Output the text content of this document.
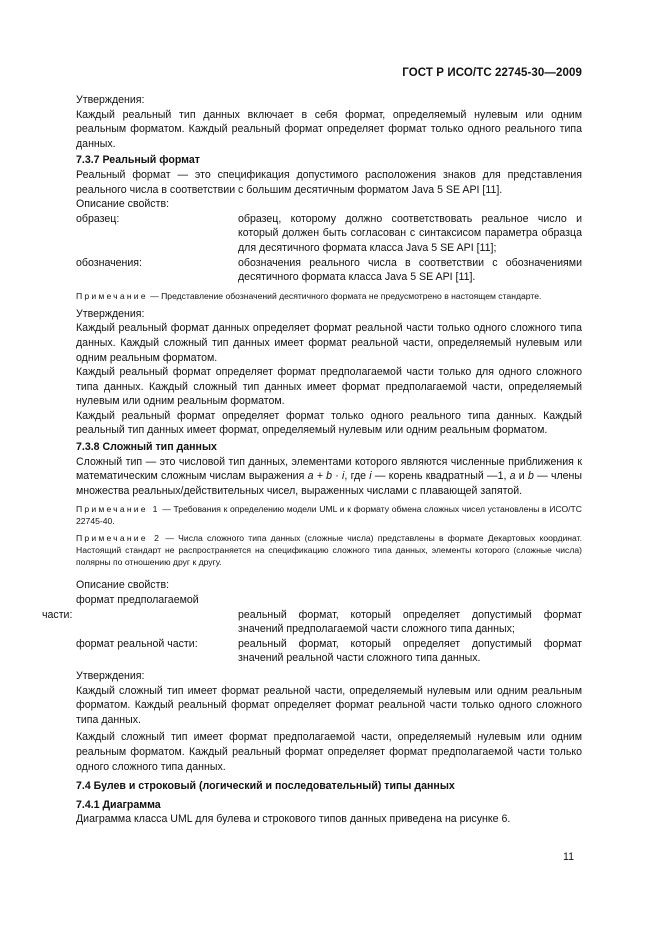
ГОСТ Р ИСО/ТС 22745-30—2009

Утверждения:

Каждый реальный тип данных включает в себя формат, определяемый нулевым или одним реальным форматом. Каждый реальный формат определяет формат только одного реального типа данных.

7.3.7 Реальный формат

Реальный формат — это спецификация допустимого расположения знаков для представления реального числа в соответствии с большим десятичным форматом Java 5 SE API [11].

Описание свойств:

образец:	образец, которому должно соответствовать реальное число и который должен быть согласован с синтаксисом параметра образца для десятичного формата класса Java 5 SE API [11];
обозначения:	обозначения реального числа в соответствии с обозначениями десятичного формата класса Java 5 SE API [11].

Примечание — Представление обозначений десятичного формата не предусмотрено в настоящем стандарте.

Утверждения:

Каждый реальный формат данных определяет формат реальной части только одного сложного типа данных. Каждый сложный тип данных имеет формат реальной части, определяемый нулевым или одним реальным форматом.

Каждый реальный формат определяет формат предполагаемой части только для одного сложного типа данных. Каждый сложный тип данных имеет формат предполагаемой части, определяемый нулевым или одним реальным форматом.

Каждый реальный формат определяет формат только одного реального типа данных. Каждый реальный тип данных имеет формат, определяемый нулевым или одним реальным форматом.

7.3.8 Сложный тип данных

Сложный тип — это числовой тип данных, элементами которого являются численные приближения к математическим сложным числам выражения a + b · i, где i — корень квадратный —1, a и b — члены множества реальных/действительных чисел, выраженных числами с плавающей запятой.

Примечание 1 — Требования к определению модели UML и к формату обмена сложных чисел установлены в ИСО/ТС 22745-40.

Примечание 2 — Числа сложного типа данных (сложные числа) представлены в формате Декартовых координат. Настоящий стандарт не распространяется на спецификацию сложного типа данных, элементы которого (сложные числа) полярны по отношению друг к другу.

Описание свойств:

формат предполагаемой

части:	реальный формат, который определяет допустимый формат значений предполагаемой части сложного типа данных;
формат реальной части:	реальный формат, который определяет допустимый формат значений реальной части сложного типа данных.

Утверждения:

Каждый сложный тип имеет формат реальной части, определяемый нулевым или одним реальным форматом. Каждый реальный формат определяет формат реальной части только одного сложного типа данных.

Каждый сложный тип имеет формат предполагаемой части, определяемый нулевым или одним реальным форматом. Каждый реальный формат определяет формат предполагаемой части только одного сложного типа данных.

7.4 Булев и строковый (логический и последовательный) типы данных

7.4.1 Диаграмма

Диаграмма класса UML для булева и строкового типов данных приведена на рисунке 6.

11
